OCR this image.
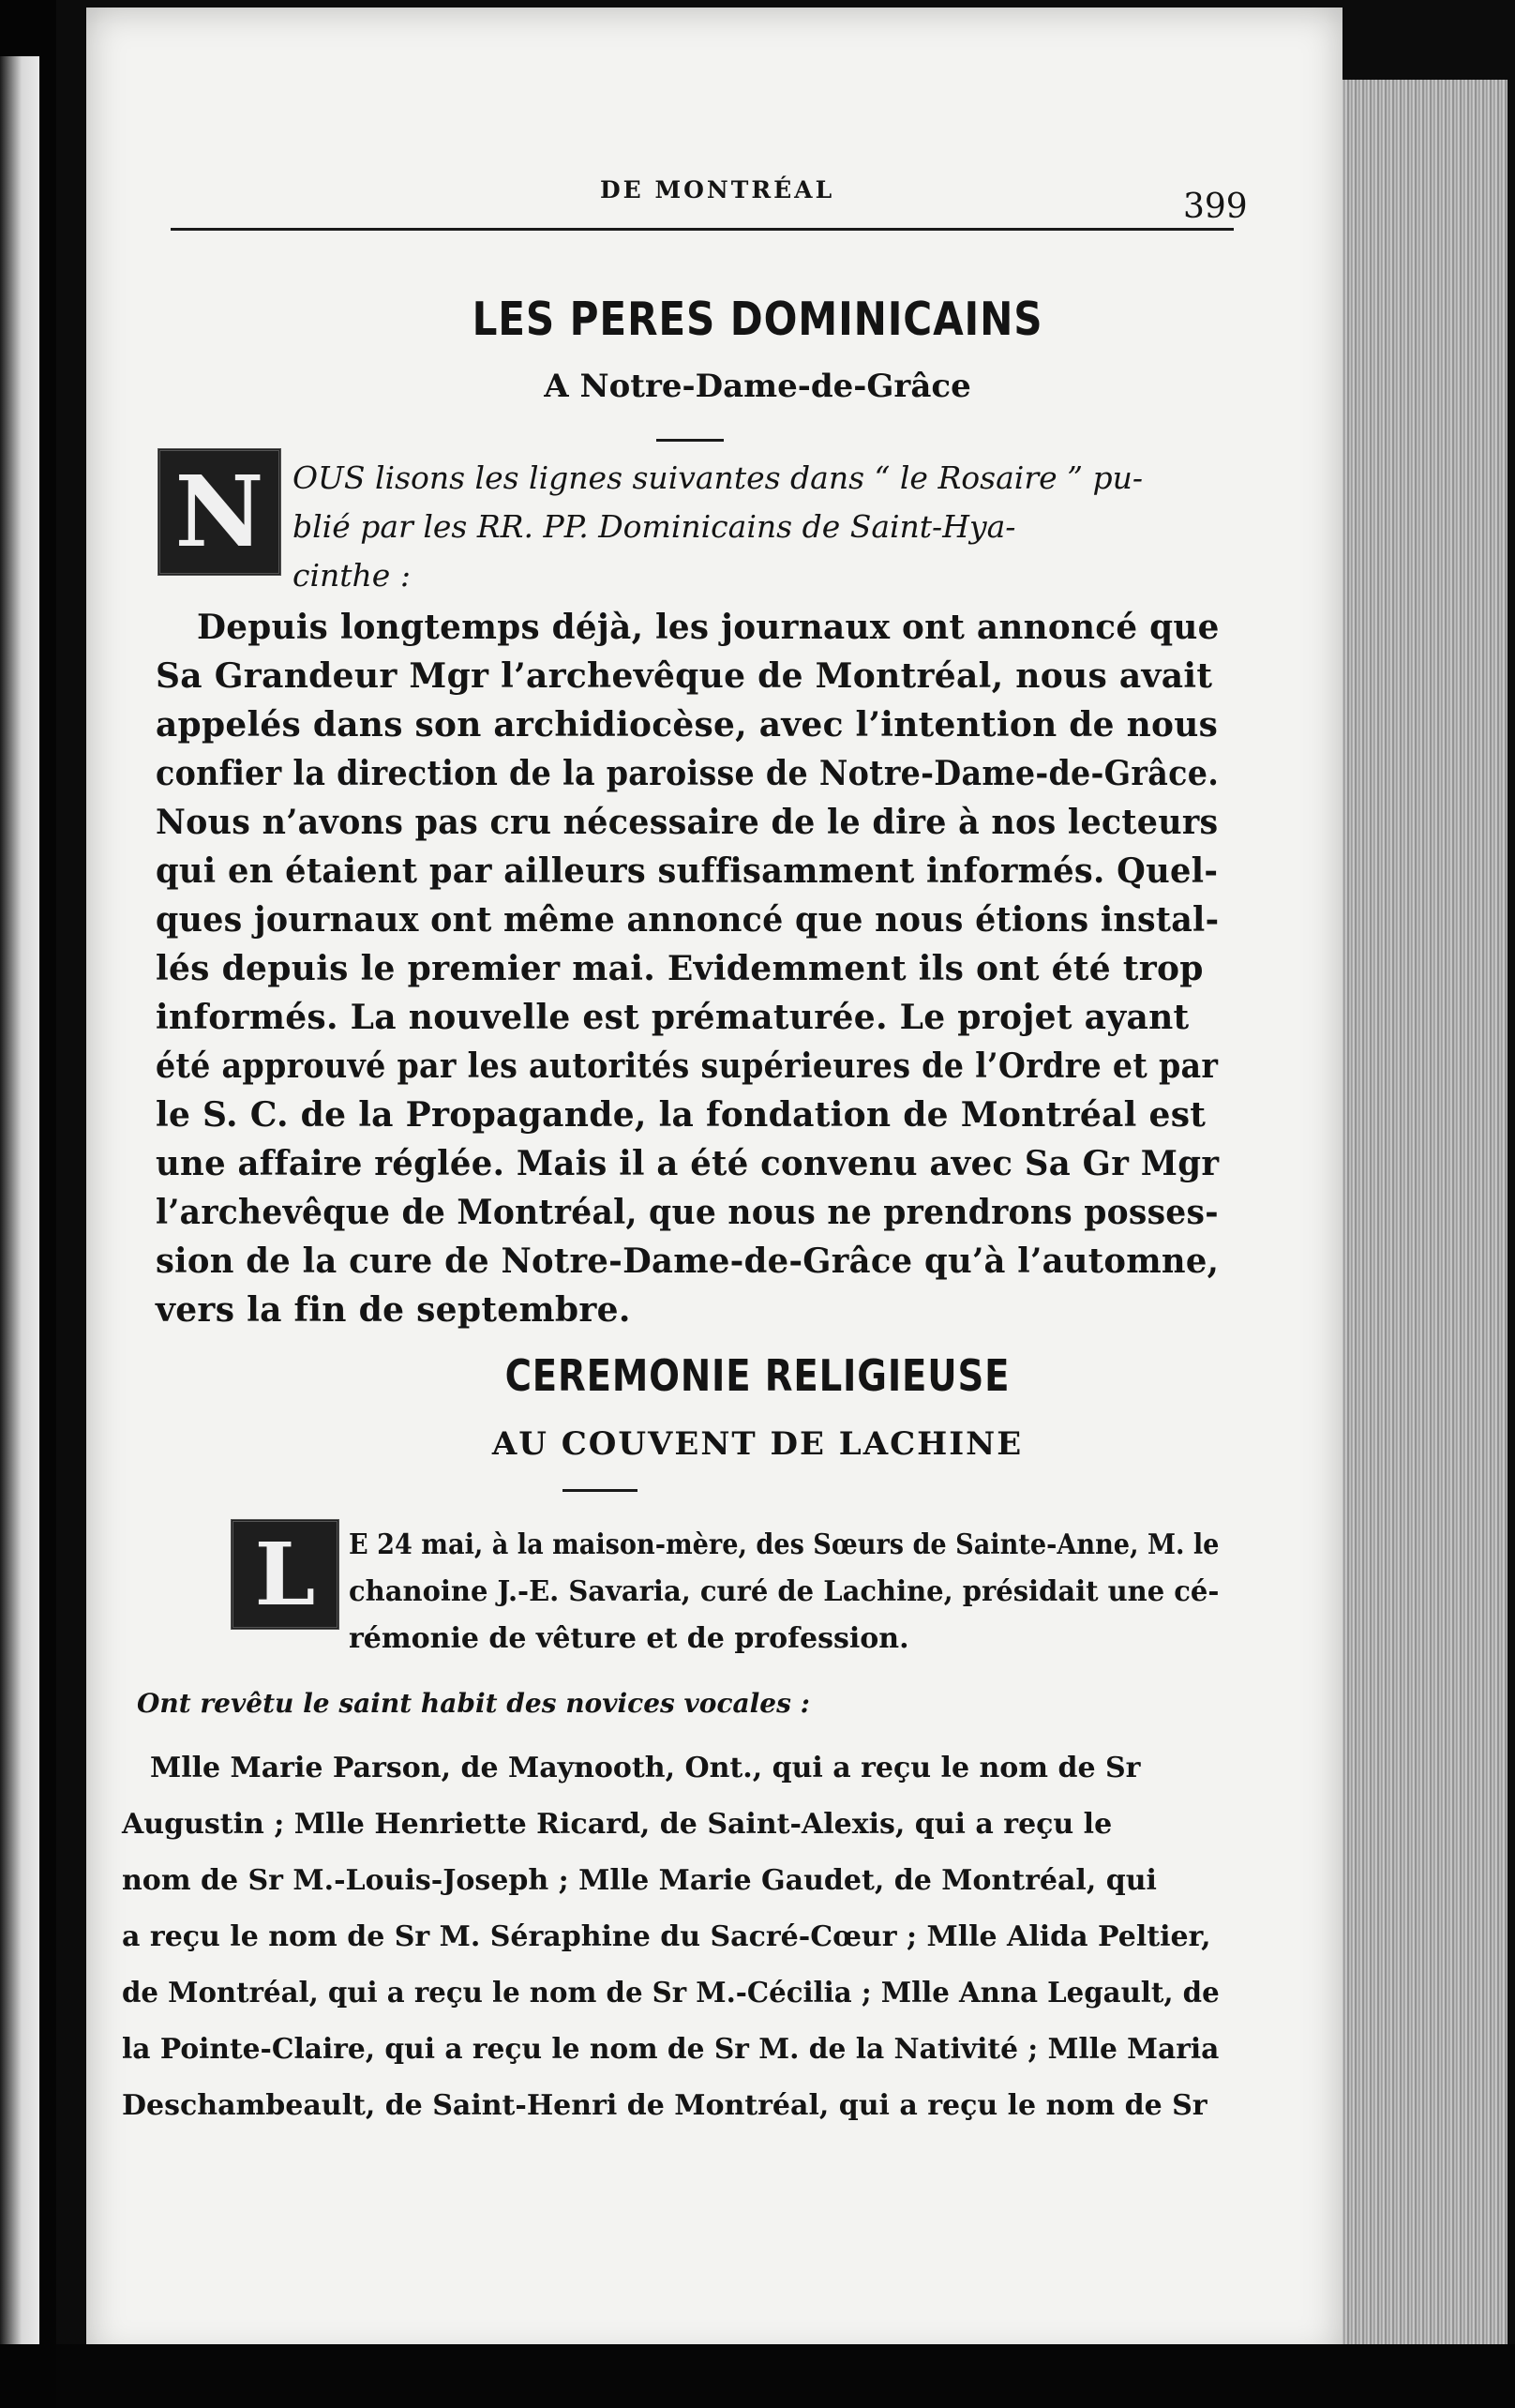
DE MONTRÉAL	399
LES PERES DOMINICAINS
A Notre-Dame-de-Grâce
N OUS lisons les lignes suivantes dans “ le Rosaire ” pu-
blié par les RR. PP. Dominicains de Saint-Hya-
cinthe :
Depuis longtemps déjà, les journaux ont annoncé que
Sa Grandeur Mgr l’archevêque de Montréal, nous avait
appelés dans son archidiocèse, avec l’intention de nous
confier la direction de la paroisse de Notre-Dame-de-Grâce.
Nous n’avons pas cru nécessaire de le dire à nos lecteurs
qui en étaient par ailleurs suffisamment informés. Quel-
ques journaux ont même annoncé que nous étions instal-
lés depuis le premier mai. Evidemment ils ont été trop
informés. La nouvelle est prématurée. Le projet ayant
été approuvé par les autorités supérieures de l’Ordre et par
le S. C. de la Propagande, la fondation de Montréal est
une affaire réglée. Mais il a été convenu avec Sa Gr Mgr
l’archevêque de Montréal, que nous ne prendrons posses-
sion de la cure de Notre-Dame-de-Grâce qu’à l’automne,
vers la fin de septembre.
CEREMONIE RELIGIEUSE
AU COUVENT DE LACHINE
L	E 24 mai, à la maison-mère, des Sœurs de Sainte-Anne, M. le
chanoine J.-E. Savaria, curé de Lachine, présidait une cé-
rémonie de vêture et de profession.
Ont revêtu le saint habit des novices vocales :
Mlle Marie Parson, de Maynooth, Ont., qui a reçu le nom de Sr
Augustin ; Mlle Henriette Ricard, de Saint-Alexis, qui a reçu le
nom de Sr M.-Louis-Joseph ; Mlle Marie Gaudet, de Montréal, qui
a reçu le nom de Sr M. Séraphine du Sacré-Cœur ; Mlle Alida Peltier,
de Montréal, qui a reçu le nom de Sr M.-Cécilia ; Mlle Anna Legault, de
la Pointe-Claire, qui a reçu le nom de Sr M. de la Nativité ; Mlle Maria
Deschambeault, de Saint-Henri de Montréal, qui a reçu le nom de Sr
